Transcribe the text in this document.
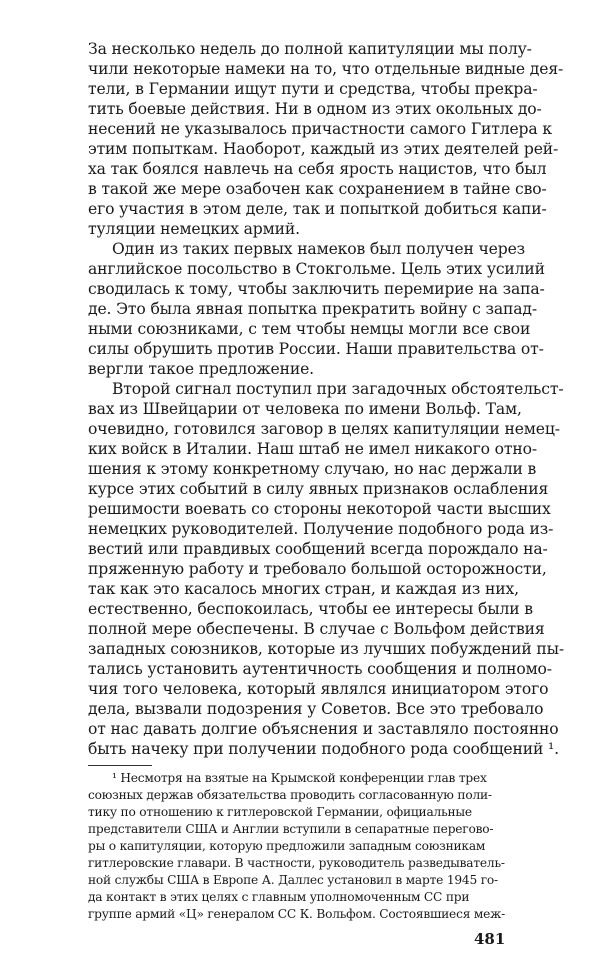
За несколько недель до полной капитуляции мы полу-
чили некоторые намеки на то, что отдельные видные дея-
тели, в Германии ищут пути и средства, чтобы прекра-
тить боевые действия. Ни в одном из этих окольных до-
несений не указывалось причастности самого Гитлера к
этим попыткам. Наоборот, каждый из этих деятелей рей-
ха так боялся навлечь на себя ярость нацистов, что был
в такой же мере озабочен как сохранением в тайне сво-
его участия в этом деле, так и попыткой добиться капи-
туляции немецких армий.
Один из таких первых намеков был получен через
английское посольство в Стокгольме. Цель этих усилий
сводилась к тому, чтобы заключить перемирие на запа-
де. Это была явная попытка прекратить войну с запад-
ными союзниками, с тем чтобы немцы могли все свои
силы обрушить против России. Наши правительства от-
вергли такое предложение.
Второй сигнал поступил при загадочных обстоятельст-
вах из Швейцарии от человека по имени Вольф. Там,
очевидно, готовился заговор в целях капитуляции немец-
ких войск в Италии. Наш штаб не имел никакого отно-
шения к этому конкретному случаю, но нас держали в
курсе этих событий в силу явных признаков ослабления
решимости воевать со стороны некоторой части высших
немецких руководителей. Получение подобного рода из-
вестий или правдивых сообщений всегда порождало на-
пряженную работу и требовало большой осторожности,
так как это касалось многих стран, и каждая из них,
естественно, беспокоилась, чтобы ее интересы были в
полной мере обеспечены. В случае с Вольфом действия
западных союзников, которые из лучших побуждений пы-
тались установить аутентичность сообщения и полномо-
чия того человека, который являлся инициатором этого
дела, вызвали подозрения у Советов. Все это требовало
от нас давать долгие объяснения и заставляло постоянно
быть начеку при получении подобного рода сообщений ¹.
¹ Несмотря на взятые на Крымской конференции глав трех
союзных держав обязательства проводить согласованную поли-
тику по отношению к гитлеровской Германии, официальные
представители США и Англии вступили в сепаратные перегово-
ры о капитуляции, которую предложили западным союзникам
гитлеровские главари. В частности, руководитель разведыватель-
ной службы США в Европе А. Даллес установил в марте 1945 го-
да контакт в этих целях с главным уполномоченным СС при
группе армий «Ц» генералом СС К. Вольфом. Состоявшиеся меж-
481
